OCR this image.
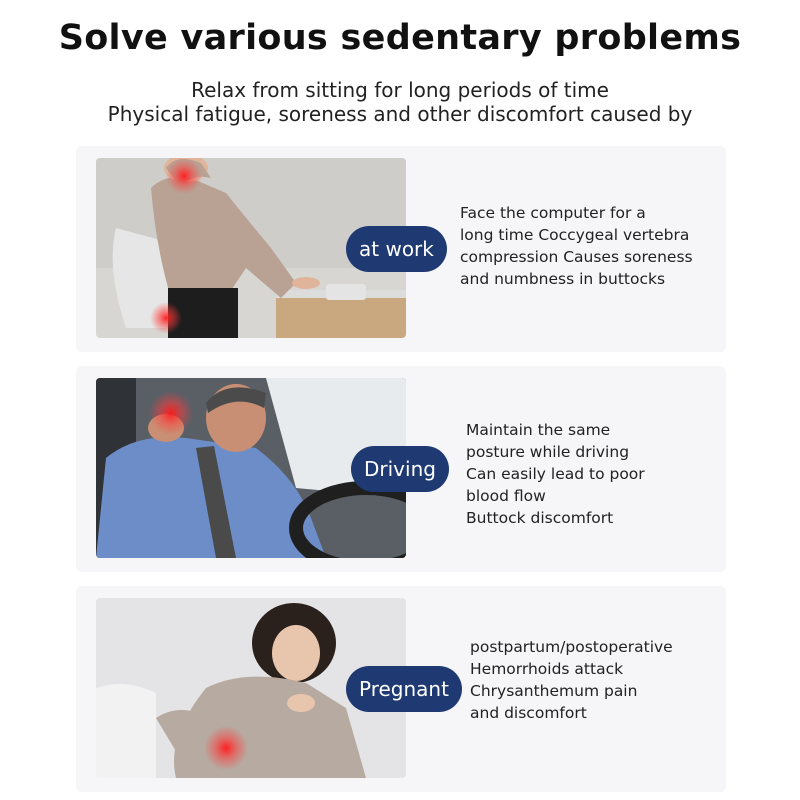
Solve various sedentary problems
Relax from sitting for long periods of time
Physical fatigue, soreness and other discomfort caused by
at work
Face the computer for a
long time Coccygeal vertebra
compression Causes soreness
and numbness in buttocks
Driving
Maintain the same
posture while driving
Can easily lead to poor
blood flow
Buttock discomfort
Pregnant
postpartum/postoperative
Hemorrhoids attack
Chrysanthemum pain
and discomfort
